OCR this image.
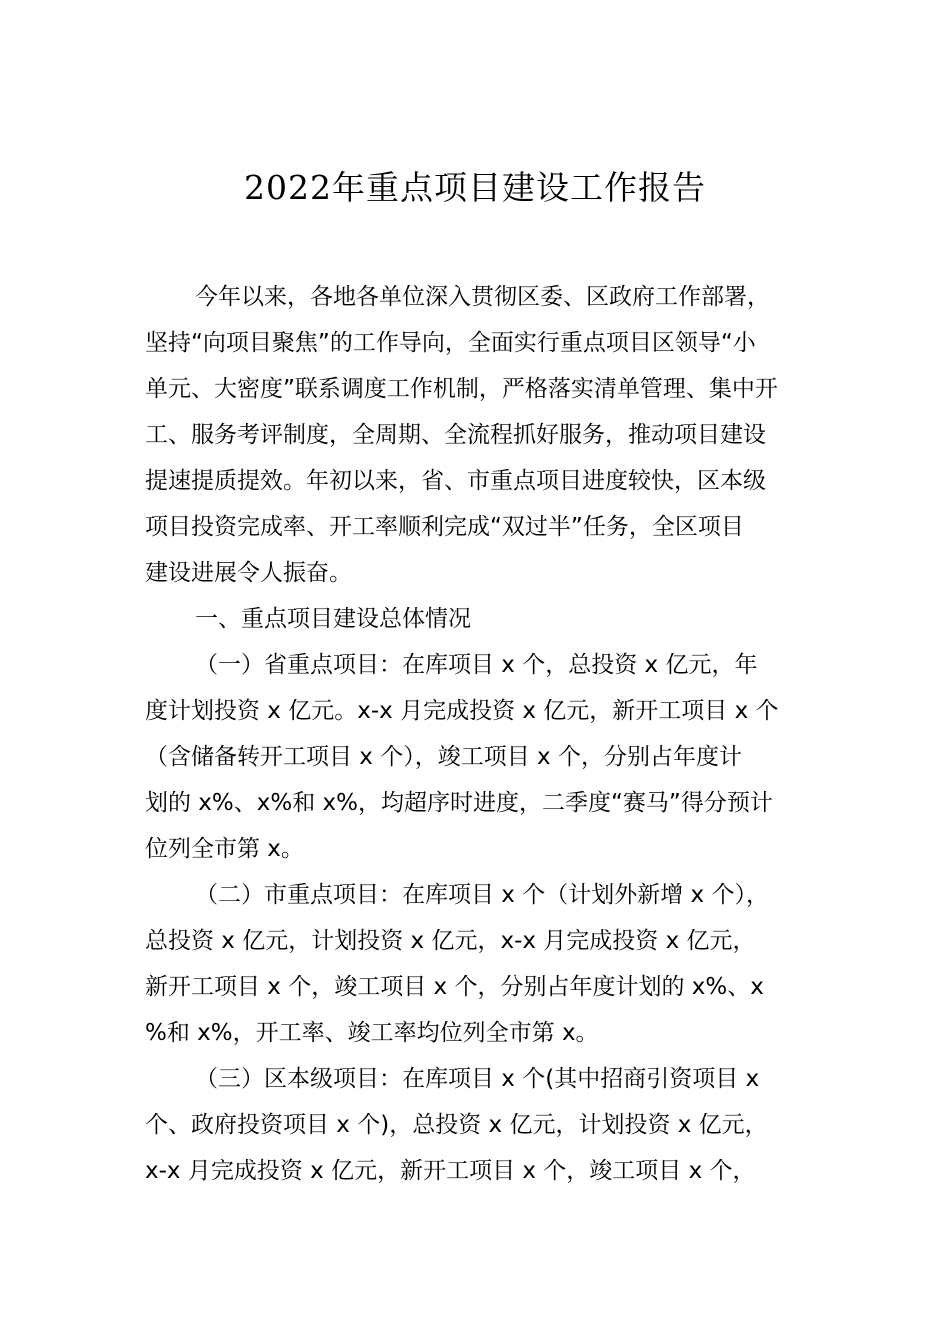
2022年重点项目建设工作报告
今年以来，各地各单位深入贯彻区委、区政府工作部署，
坚持“向项目聚焦”的工作导向，全面实行重点项目区领导“小
单元、大密度”联系调度工作机制，严格落实清单管理、集中开
工、服务考评制度，全周期、全流程抓好服务，推动项目建设
提速提质提效。年初以来，省、市重点项目进度较快，区本级
项目投资完成率、开工率顺利完成“双过半”任务，全区项目
建设进展令人振奋。
一、重点项目建设总体情况
（一）省重点项目：在库项目 x 个，总投资 x 亿元，年
度计划投资 x 亿元。x-x 月完成投资 x 亿元，新开工项目 x 个
（含储备转开工项目 x 个），竣工项目 x 个，分别占年度计
划的 x%、x%和 x%，均超序时进度，二季度“赛马”得分预计
位列全市第 x。
（二）市重点项目：在库项目 x 个（计划外新增 x 个），
总投资 x 亿元，计划投资 x 亿元，x-x 月完成投资 x 亿元，
新开工项目 x 个，竣工项目 x 个，分别占年度计划的 x%、x
%和 x%，开工率、竣工率均位列全市第 x。
（三）区本级项目：在库项目 x 个(其中招商引资项目 x
个、政府投资项目 x 个)，总投资 x 亿元，计划投资 x 亿元，
x-x 月完成投资 x 亿元，新开工项目 x 个，竣工项目 x 个，
